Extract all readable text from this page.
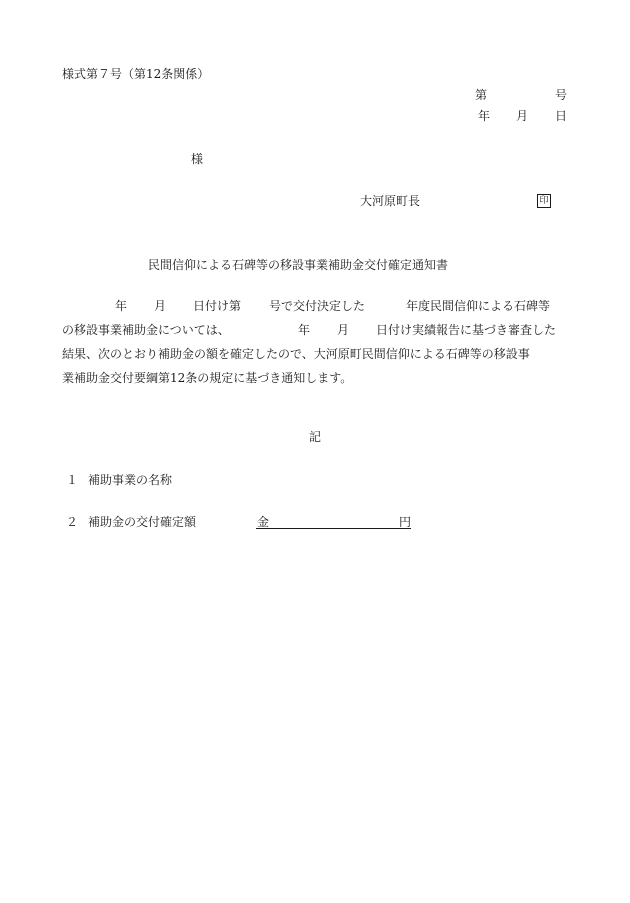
様式第７号（第12条関係）
第	号
年 月 日
様
大河原町長	印
民間信仰による石碑等の移設事業補助金交付確定通知書
年 月 日付け第 号で交付決定した	年度民間信仰による石碑等
の移設事業補助金については、	年 月 日付け実績報告に基づき審査した
結果、次のとおり補助金の額を確定したので、大河原町民間信仰による石碑等の移設事
業補助金交付要綱第12条の規定に基づき通知します。
記
１ 補助事業の名称
２ 補助金の交付確定額	金	円
